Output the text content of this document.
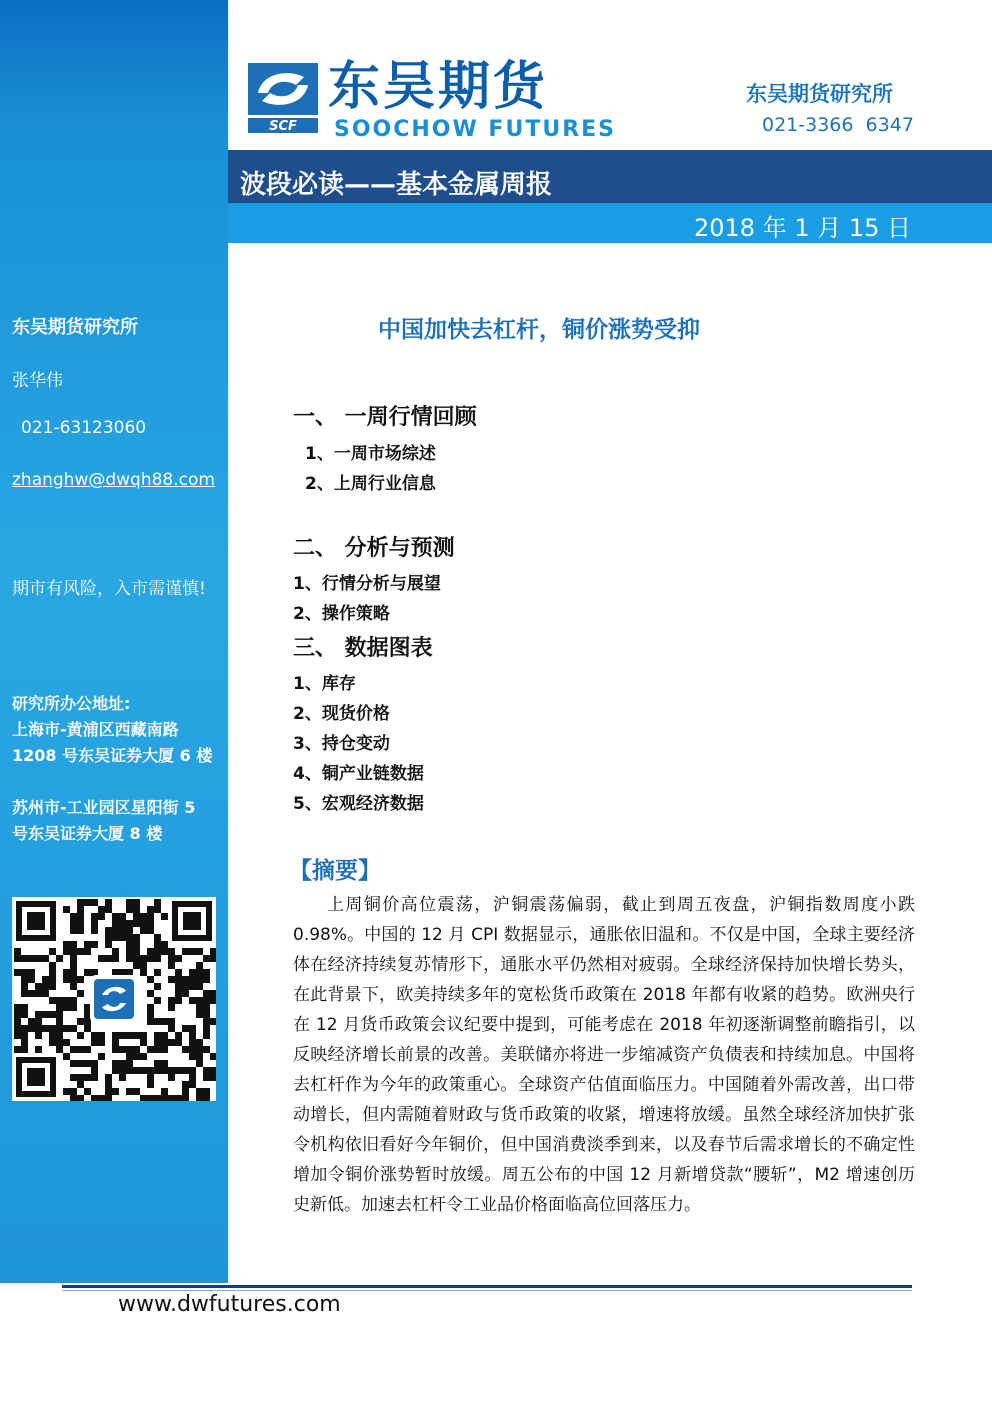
东吴期货研究所
张华伟
021-63123060
zhanghw@dwqh88.com
期市有风险，入市需谨慎!
研究所办公地址:
上海市-黄浦区西藏南路
1208 号东吴证券大厦 6 楼
苏州市-工业园区星阳街 5
号东吴证券大厦 8 楼
SCF
东吴期货
SOOCHOW FUTURES
东吴期货研究所
021-3366  6347
波段必读——基本金属周报
2018 年 1 月 15 日
中国加快去杠杆，铜价涨势受抑
一、 一周行情回顾
1、一周市场综述
2、上周行业信息
二、 分析与预测
1、行情分析与展望
2、操作策略
三、 数据图表
1、库存
2、现货价格
3、持仓变动
4、铜产业链数据
5、宏观经济数据
【摘要】
上周铜价高位震荡，沪铜震荡偏弱，截止到周五夜盘，沪铜指数周度小跌 0.98%。中国的 12 月 CPI 数据显示，通胀依旧温和。不仅是中国，全球主要经济体在经济持续复苏情形下，通胀水平仍然相对疲弱。全球经济保持加快增长势头，在此背景下，欧美持续多年的宽松货币政策在 2018 年都有收紧的趋势。欧洲央行在 12 月货币政策会议纪要中提到，可能考虑在 2018 年初逐渐调整前瞻指引，以反映经济增长前景的改善。美联储亦将进一步缩减资产负债表和持续加息。中国将去杠杆作为今年的政策重心。全球资产估值面临压力。中国随着外需改善，出口带动增长，但内需随着财政与货币政策的收紧，增速将放缓。虽然全球经济加快扩张令机构依旧看好今年铜价，但中国消费淡季到来，以及春节后需求增长的不确定性增加令铜价涨势暂时放缓。周五公布的中国 12 月新增贷款“腰斩”，M2 增速创历史新低。加速去杠杆令工业品价格面临高位回落压力。
www.dwfutures.com
